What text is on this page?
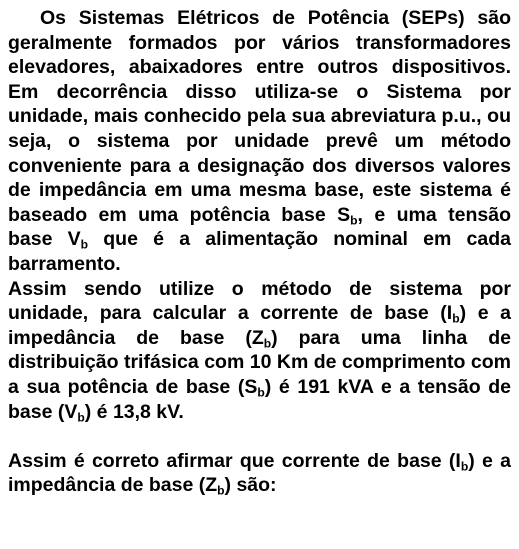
Os Sistemas Elétricos de Potência (SEPs) são geralmente formados por vários transformadores elevadores, abaixadores entre outros dispositivos. Em decorrência disso utiliza-se o Sistema por unidade, mais conhecido pela sua abreviatura p.u., ou seja, o sistema por unidade prevê um método conveniente para a designação dos diversos valores de impedância em uma mesma base, este sistema é baseado em uma potência base $S_b$, e uma tensão base $V_b$ que é a alimentação nominal em cada barramento.

Assim sendo utilize o método de sistema por unidade, para calcular a corrente de base $(I_b)$ e a impedância de base $(Z_b)$ para uma linha de distribuição trifásica com 10 Km de comprimento com a sua potência de base $(S_b)$ é 191 kVA e a tensão de base $(V_b)$ é 13,8 kV.

Assim é correto afirmar que corrente de base $(I_b)$ e a impedância de base $(Z_b)$ são:
